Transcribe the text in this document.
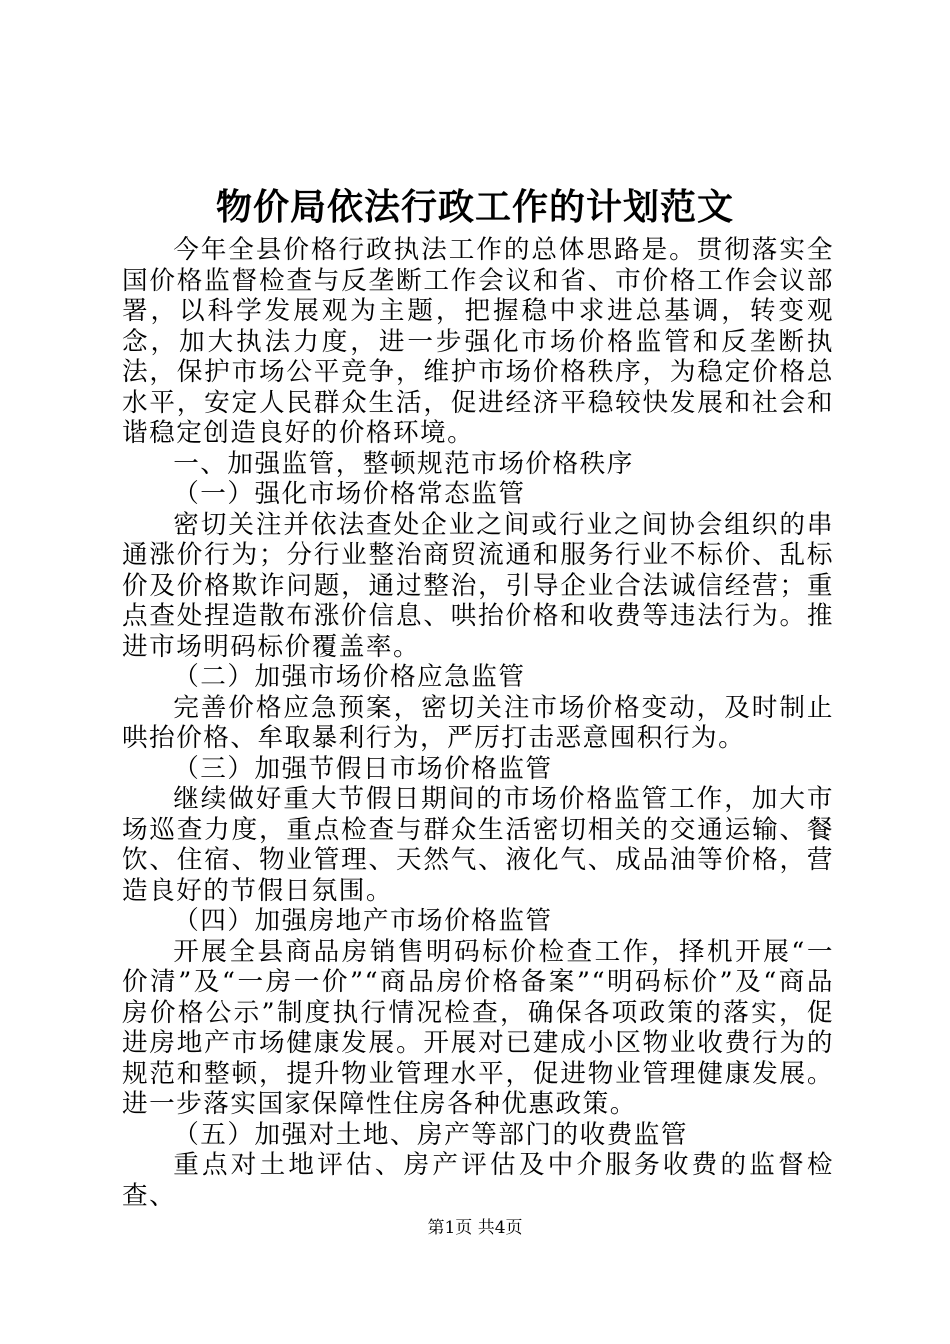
物价局依法行政工作的计划范文

今年全县价格行政执法工作的总体思路是。贯彻落实全国价格监督检查与反垄断工作会议和省、市价格工作会议部署，以科学发展观为主题，把握稳中求进总基调，转变观念，加大执法力度，进一步强化市场价格监管和反垄断执法，保护市场公平竞争，维护市场价格秩序，为稳定价格总水平，安定人民群众生活，促进经济平稳较快发展和社会和谐稳定创造良好的价格环境。

一、加强监管，整顿规范市场价格秩序

（一）强化市场价格常态监管

密切关注并依法查处企业之间或行业之间协会组织的串通涨价行为；分行业整治商贸流通和服务行业不标价、乱标价及价格欺诈问题，通过整治，引导企业合法诚信经营；重点查处捏造散布涨价信息、哄抬价格和收费等违法行为。推进市场明码标价覆盖率。

（二）加强市场价格应急监管

完善价格应急预案，密切关注市场价格变动，及时制止哄抬价格、牟取暴利行为，严厉打击恶意囤积行为。

（三）加强节假日市场价格监管

继续做好重大节假日期间的市场价格监管工作，加大市场巡查力度，重点检查与群众生活密切相关的交通运输、餐饮、住宿、物业管理、天然气、液化气、成品油等价格，营造良好的节假日氛围。

（四）加强房地产市场价格监管

开展全县商品房销售明码标价检查工作，择机开展“一价清”及“一房一价”“商品房价格备案”“明码标价”及“商品房价格公示”制度执行情况检查，确保各项政策的落实，促进房地产市场健康发展。开展对已建成小区物业收费行为的规范和整顿，提升物业管理水平，促进物业管理健康发展。进一步落实国家保障性住房各种优惠政策。

（五）加强对土地、房产等部门的收费监管

重点对土地评估、房产评估及中介服务收费的监督检查、

第1页 共4页
